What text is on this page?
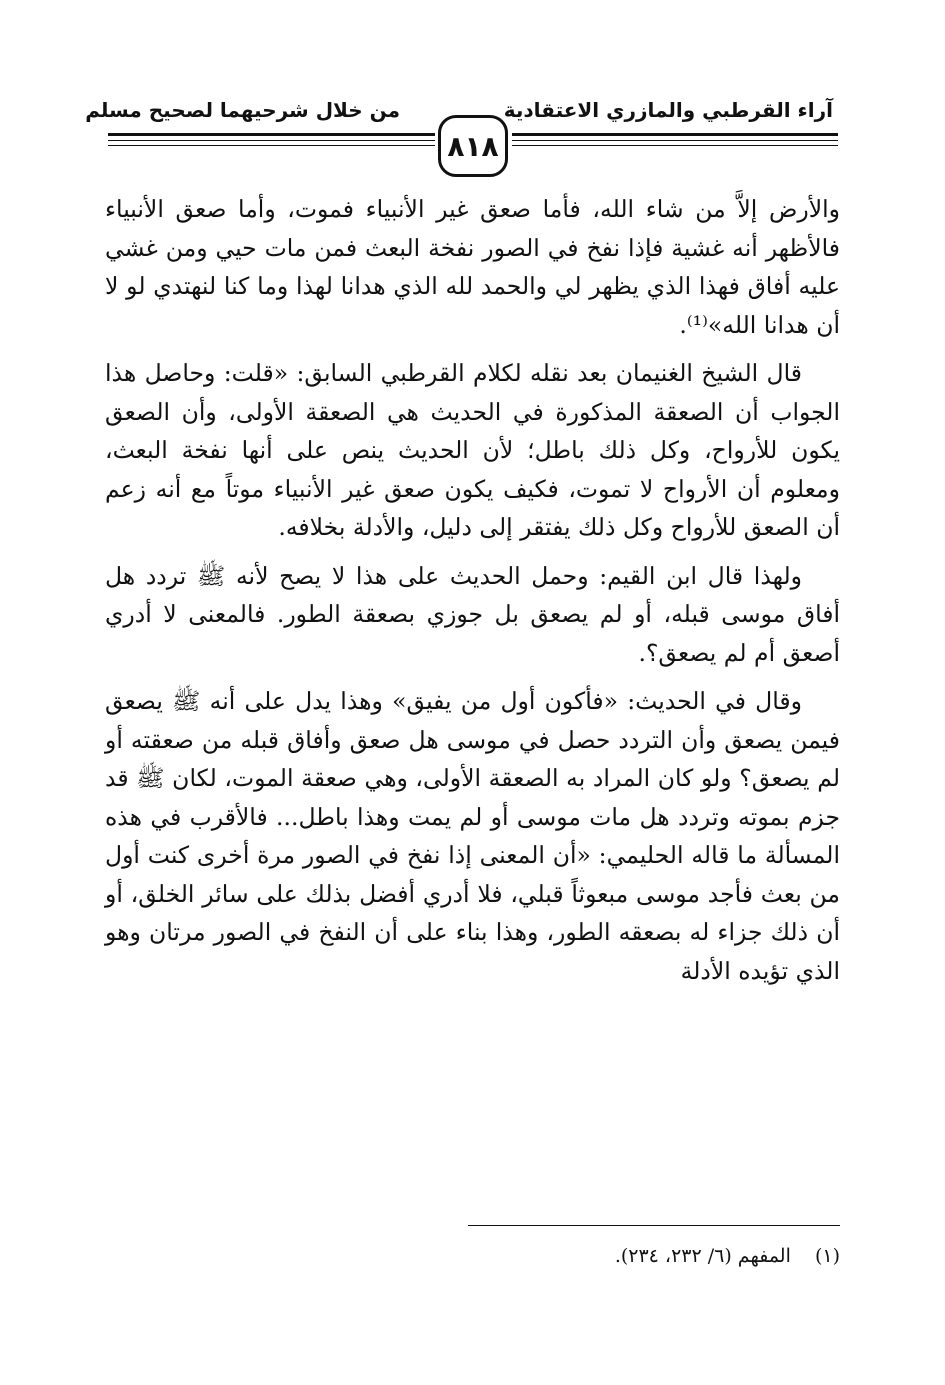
آراء القرطبي والمازري الاعتقادية
من خلال شرحيهما لصحيح مسلم
٨١٨

والأرض إلاَّ من شاء الله، فأما صعق غير الأنبياء فموت، وأما صعق الأنبياء فالأظهر أنه غشية فإذا نفخ في الصور نفخة البعث فمن مات حيي ومن غشي عليه أفاق فهذا الذي يظهر لي والحمد لله الذي هدانا لهذا وما كنا لنهتدي لو لا أن هدانا الله»⁽¹⁾.

قال الشيخ الغنيمان بعد نقله لكلام القرطبي السابق: «قلت: وحاصل هذا الجواب أن الصعقة المذكورة في الحديث هي الصعقة الأولى، وأن الصعق يكون للأرواح، وكل ذلك باطل؛ لأن الحديث ينص على أنها نفخة البعث، ومعلوم أن الأرواح لا تموت، فكيف يكون صعق غير الأنبياء موتاً مع أنه زعم أن الصعق للأرواح وكل ذلك يفتقر إلى دليل، والأدلة بخلافه.

ولهذا قال ابن القيم: وحمل الحديث على هذا لا يصح لأنه ﷺ تردد هل أفاق موسى قبله، أو لم يصعق بل جوزي بصعقة الطور. فالمعنى لا أدري أصعق أم لم يصعق؟.

وقال في الحديث: «فأكون أول من يفيق» وهذا يدل على أنه ﷺ يصعق فيمن يصعق وأن التردد حصل في موسى هل صعق وأفاق قبله من صعقته أو لم يصعق؟ ولو كان المراد به الصعقة الأولى، وهي صعقة الموت، لكان ﷺ قد جزم بموته وتردد هل مات موسى أو لم يمت وهذا باطل... فالأقرب في هذه المسألة ما قاله الحليمي: «أن المعنى إذا نفخ في الصور مرة أخرى كنت أول من بعث فأجد موسى مبعوثاً قبلي، فلا أدري أفضل بذلك على سائر الخلق، أو أن ذلك جزاء له بصعقه الطور، وهذا بناء على أن النفخ في الصور مرتان وهو الذي تؤيده الأدلة

(١) المفهم (٦/ ٢٣٢، ٢٣٤).
